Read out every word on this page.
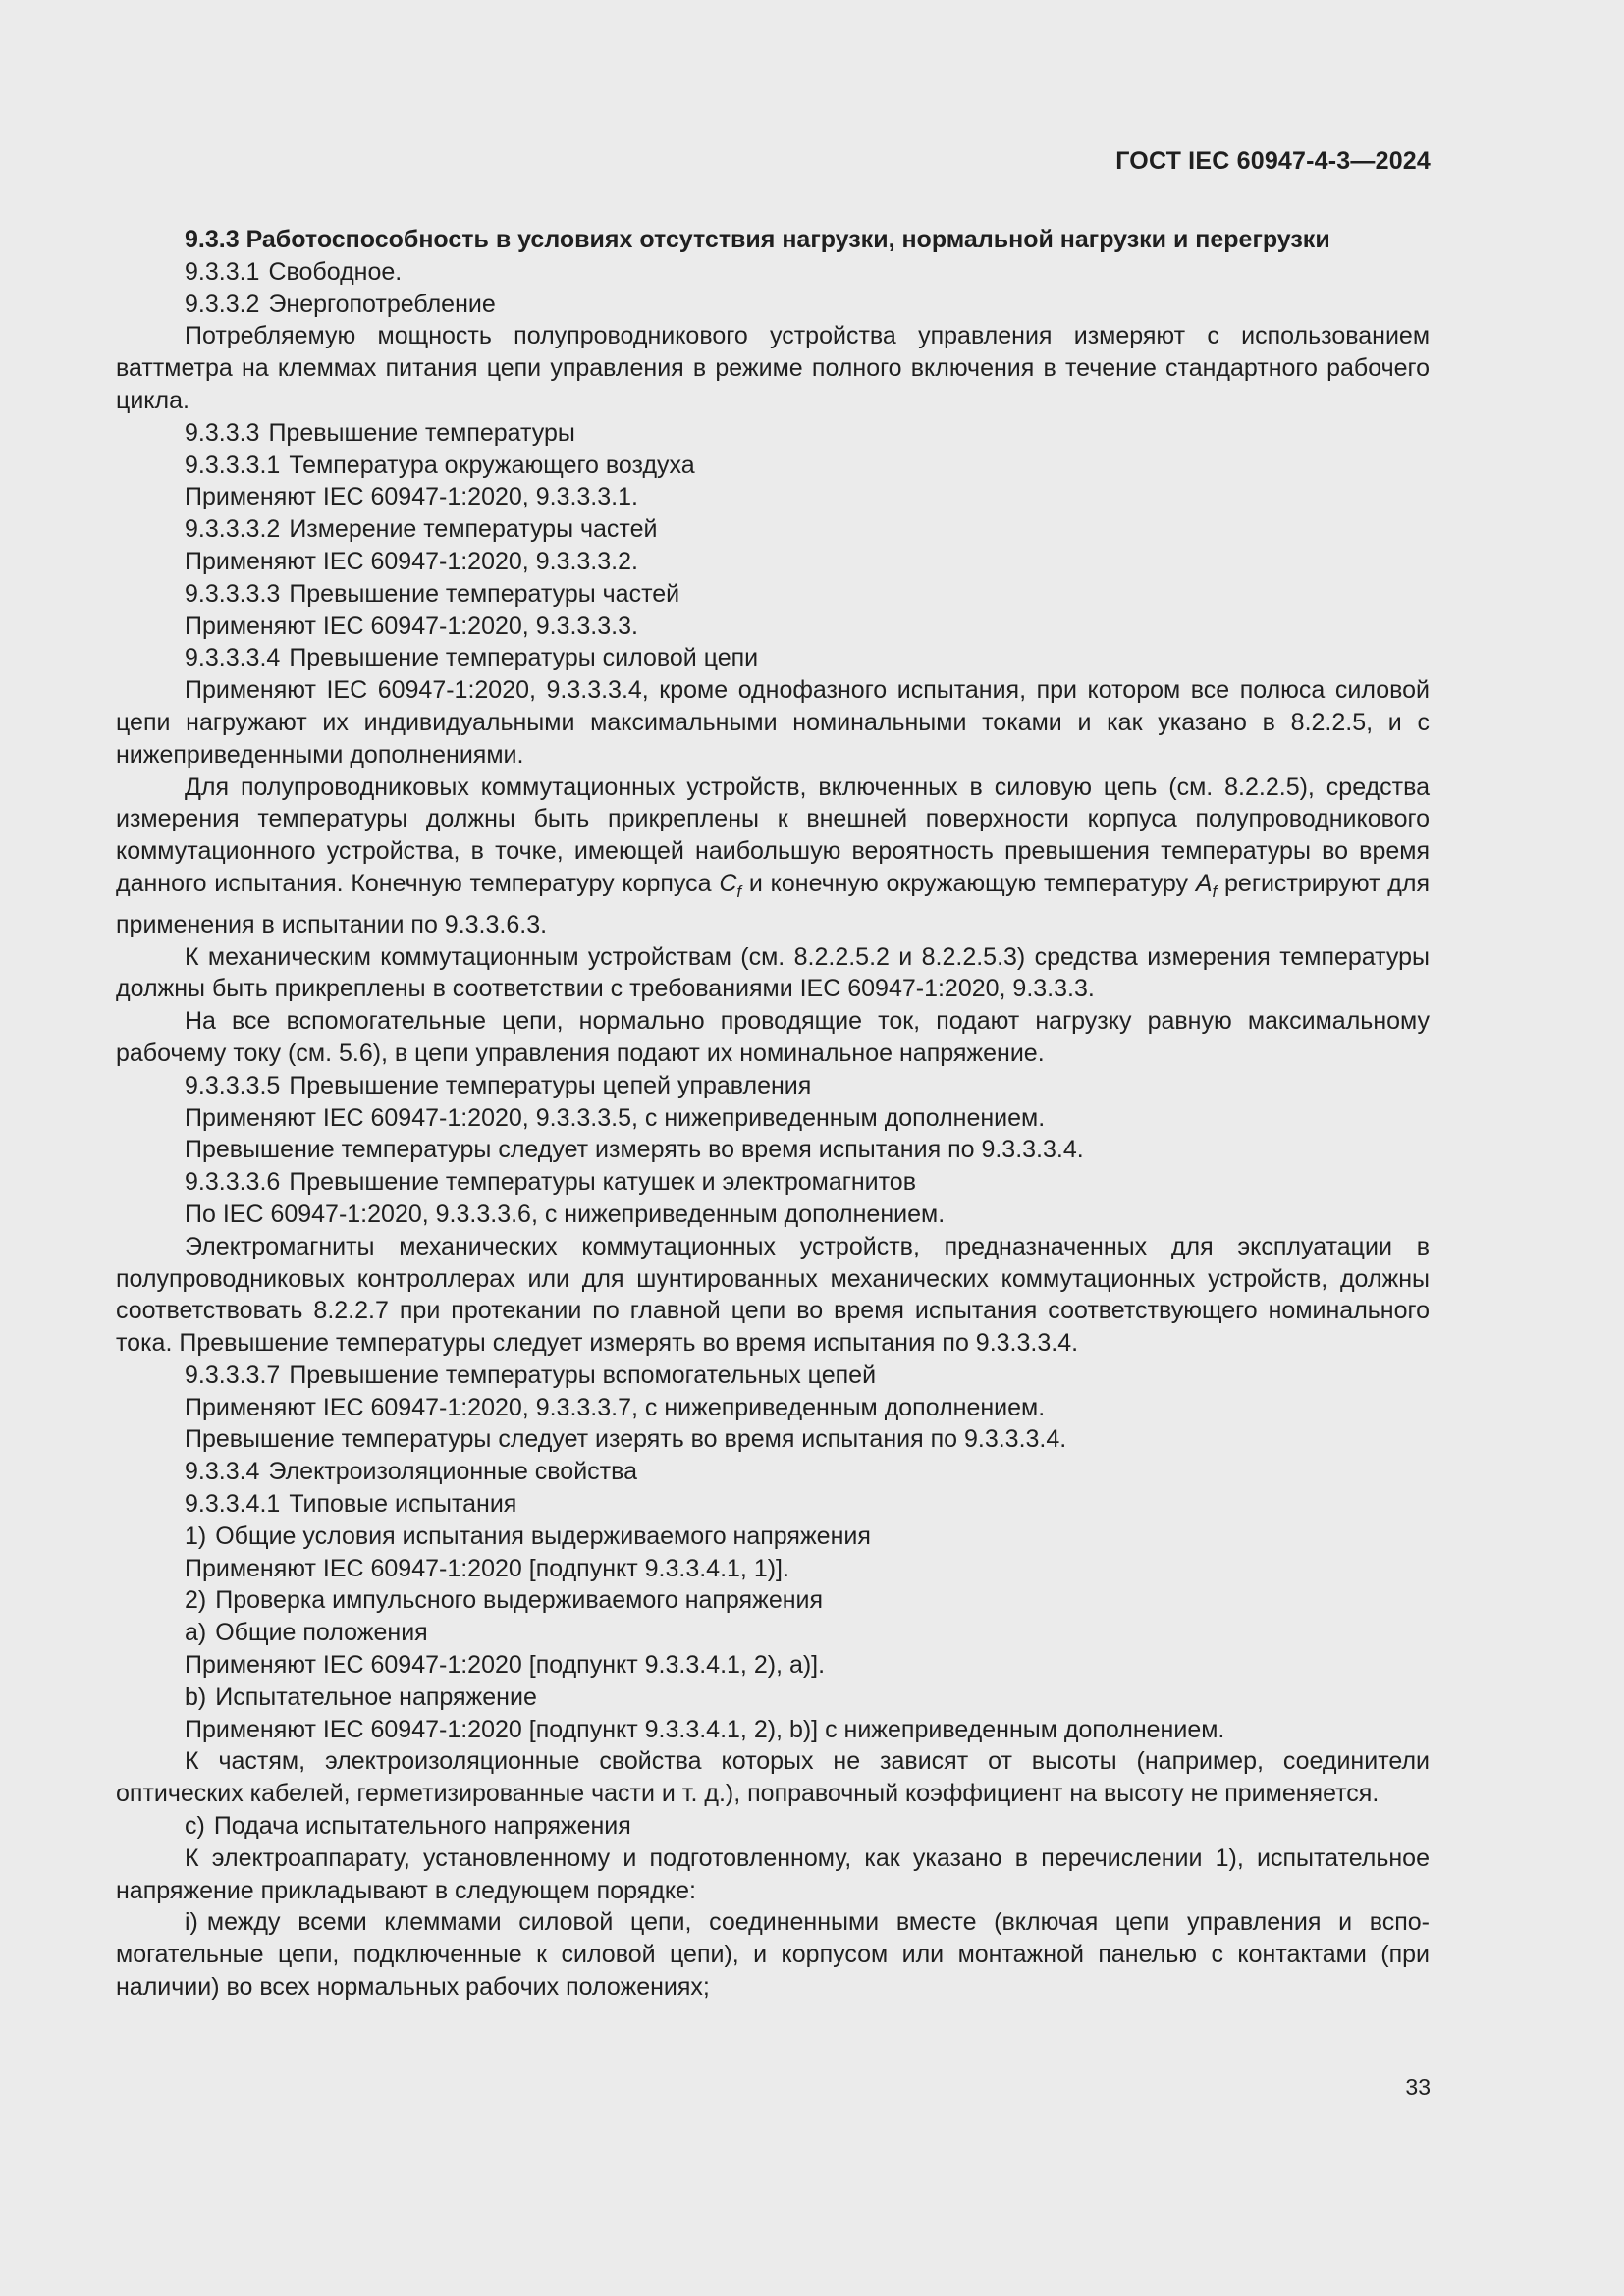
ГОСТ IEC 60947-4-3—2024

9.3.3 Работоспособность в условиях отсутствия нагрузки, нормальной нагрузки и перегрузки

9.3.3.1 Свободное.

9.3.3.2 Энергопотребление

Потребляемую мощность полупроводникового устройства управления измеряют с использованием ваттметра на клеммах питания цепи управления в режиме полного включения в течение стандартного рабочего цикла.

9.3.3.3 Превышение температуры

9.3.3.3.1 Температура окружающего воздуха

Применяют IEC 60947-1:2020, 9.3.3.3.1.

9.3.3.3.2 Измерение температуры частей

Применяют IEC 60947-1:2020, 9.3.3.3.2.

9.3.3.3.3 Превышение температуры частей

Применяют IEC 60947-1:2020, 9.3.3.3.3.

9.3.3.3.4 Превышение температуры силовой цепи

Применяют IEC 60947-1:2020, 9.3.3.3.4, кроме однофазного испытания, при котором все полюса силовой цепи нагружают их индивидуальными максимальными номинальными токами и как указано в 8.2.2.5, и с нижеприведенными дополнениями.

Для полупроводниковых коммутационных устройств, включенных в силовую цепь (см. 8.2.2.5), средства измерения температуры должны быть прикреплены к внешней поверхности корпуса полупроводникового коммутационного устройства, в точке, имеющей наибольшую вероятность превышения температуры во время данного испытания. Конечную температуру корпуса $C_f$ и конечную окружающую температуру $A_f$ регистрируют для применения в испытании по 9.3.3.6.3.

К механическим коммутационным устройствам (см. 8.2.2.5.2 и 8.2.2.5.3) средства измерения температуры должны быть прикреплены в соответствии с требованиями IEC 60947-1:2020, 9.3.3.3.

На все вспомогательные цепи, нормально проводящие ток, подают нагрузку равную максимальному рабочему току (см. 5.6), в цепи управления подают их номинальное напряжение.

9.3.3.3.5 Превышение температуры цепей управления

Применяют IEC 60947-1:2020, 9.3.3.3.5, с нижеприведенным дополнением.

Превышение температуры следует измерять во время испытания по 9.3.3.3.4.

9.3.3.3.6 Превышение температуры катушек и электромагнитов

По IEC 60947-1:2020, 9.3.3.3.6, с нижеприведенным дополнением.

Электромагниты механических коммутационных устройств, предназначенных для эксплуатации в полупроводниковых контроллерах или для шунтированных механических коммутационных устройств, должны соответствовать 8.2.2.7 при протекании по главной цепи во время испытания соответствующего номинального тока. Превышение температуры следует измерять во время испытания по 9.3.3.3.4.

9.3.3.3.7 Превышение температуры вспомогательных цепей

Применяют IEC 60947-1:2020, 9.3.3.3.7, с нижеприведенным дополнением.

Превышение температуры следует изерять во время испытания по 9.3.3.3.4.

9.3.3.4 Электроизоляционные свойства

9.3.3.4.1 Типовые испытания

1) Общие условия испытания выдерживаемого напряжения

Применяют IEC 60947-1:2020 [подпункт 9.3.3.4.1, 1)].

2) Проверка импульсного выдерживаемого напряжения

a) Общие положения

Применяют IEC 60947-1:2020 [подпункт 9.3.3.4.1, 2), a)].

b) Испытательное напряжение

Применяют IEC 60947-1:2020 [подпункт 9.3.3.4.1, 2), b)] с нижеприведенным дополнением.

К частям, электроизоляционные свойства которых не зависят от высоты (например, соединители оптических кабелей, герметизированные части и т. д.), поправочный коэффициент на высоту не применяется.

c) Подача испытательного напряжения

К электроаппарату, установленному и подготовленному, как указано в перечислении 1), испытательное напряжение прикладывают в следующем порядке:

i) между всеми клеммами силовой цепи, соединенными вместе (включая цепи управления и вспомогательные цепи, подключенные к силовой цепи), и корпусом или монтажной панелью с контактами (при наличии) во всех нормальных рабочих положениях;

33
